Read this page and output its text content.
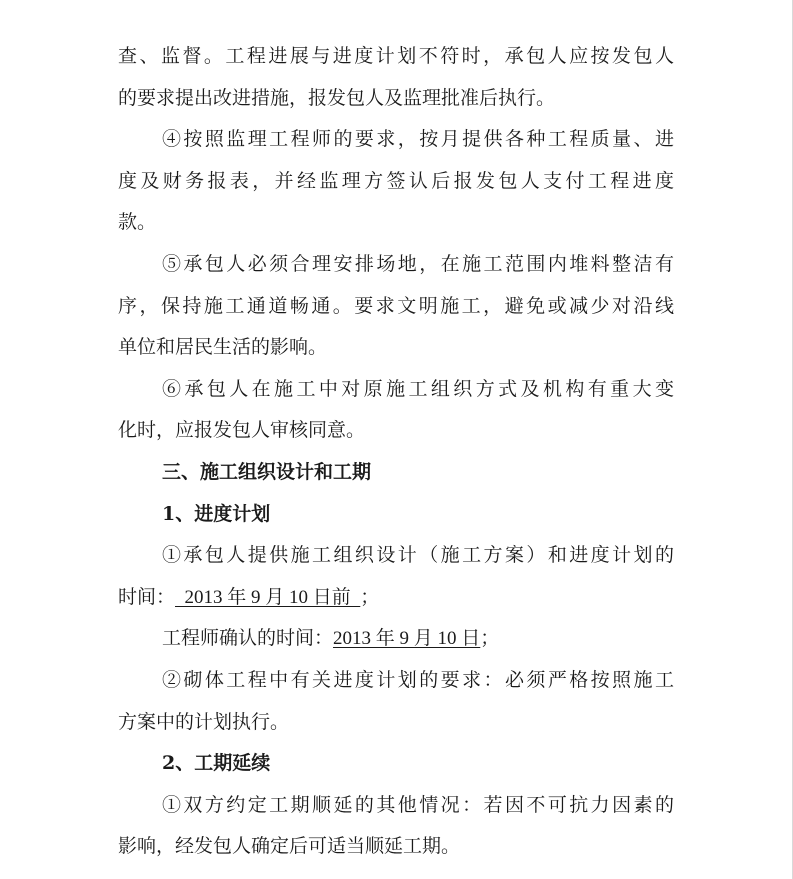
查、监督。工程进展与进度计划不符时，承包人应按发包人
的要求提出改进措施，报发包人及监理批准后执行。
④按照监理工程师的要求，按月提供各种工程质量、进
度及财务报表，并经监理方签认后报发包人支付工程进度
款。
⑤承包人必须合理安排场地，在施工范围内堆料整洁有
序，保持施工通道畅通。要求文明施工，避免或减少对沿线
单位和居民生活的影响。
⑥承包人在施工中对原施工组织方式及机构有重大变
化时，应报发包人审核同意。
三、施工组织设计和工期
1、进度计划
①承包人提供施工组织设计（施工方案）和进度计划的
时间：  2013 年 9 月 10 日前  ；
工程师确认的时间：2013 年 9 月 10 日；
②砌体工程中有关进度计划的要求：必须严格按照施工
方案中的计划执行。
2、工期延续
①双方约定工期顺延的其他情况：若因不可抗力因素的
影响，经发包人确定后可适当顺延工期。
